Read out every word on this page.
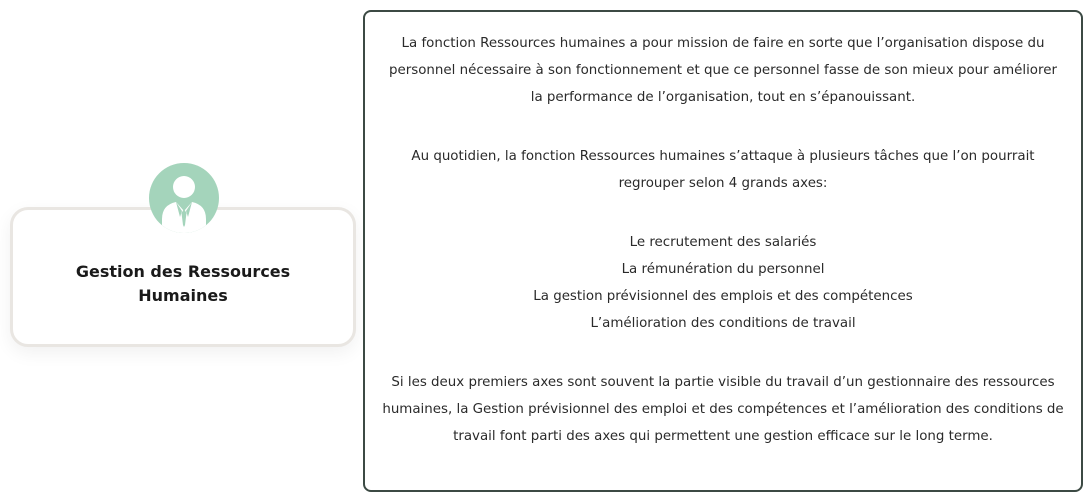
Gestion des Ressources
Humaines

La fonction Ressources humaines a pour mission de faire en sorte que l’organisation dispose du personnel nécessaire à son fonctionnement et que ce personnel fasse de son mieux pour améliorer la performance de l’organisation, tout en s’épanouissant.

Au quotidien, la fonction Ressources humaines s’attaque à plusieurs tâches que l’on pourrait regrouper selon 4 grands axes:

Le recrutement des salariés
La rémunération du personnel
La gestion prévisionnel des emplois et des compétences
L’amélioration des conditions de travail

Si les deux premiers axes sont souvent la partie visible du travail d’un gestionnaire des ressources humaines, la Gestion prévisionnel des emploi et des compétences et l’amélioration des conditions de travail font parti des axes qui permettent une gestion efficace sur le long terme.
